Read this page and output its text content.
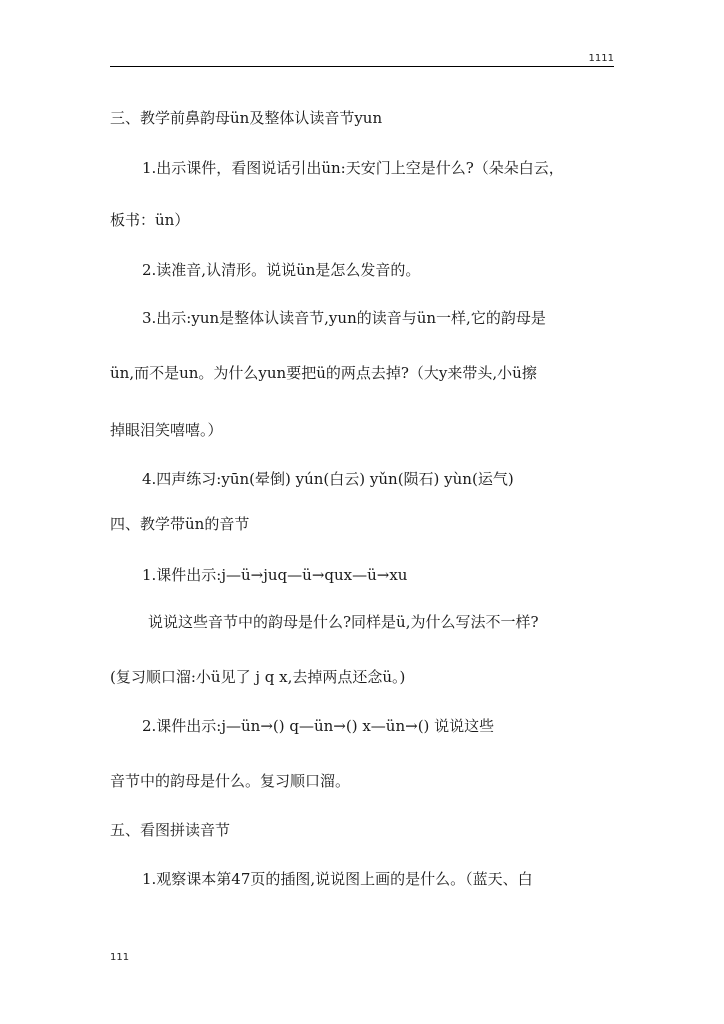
1111
三、教学前鼻韵母ün及整体认读音节yun
1.出示课件，看图说话引出ün:天安门上空是什么?（朵朵白云，
板书：ün）
2.读准音,认清形。说说ün是怎么发音的。
3.出示:yun是整体认读音节,yun的读音与ün一样,它的韵母是
ün,而不是un。为什么yun要把ü的两点去掉?（大y来带头,小ü擦
掉眼泪笑嘻嘻。）
4.四声练习:yūn(晕倒) yún(白云) yǔn(陨石) yùn(运气)
四、教学带ün的音节
1.课件出示:j—ü→juq—ü→qux—ü→xu
说说这些音节中的韵母是什么?同样是ü,为什么写法不一样?
(复习顺口溜:小ü见了 j q x,去掉两点还念ü。)
2.课件出示:j—ün→() q—ün→() x—ün→() 说说这些
音节中的韵母是什么。复习顺口溜。
五、看图拼读音节
1.观察课本第47页的插图,说说图上画的是什么。（蓝天、白
111
